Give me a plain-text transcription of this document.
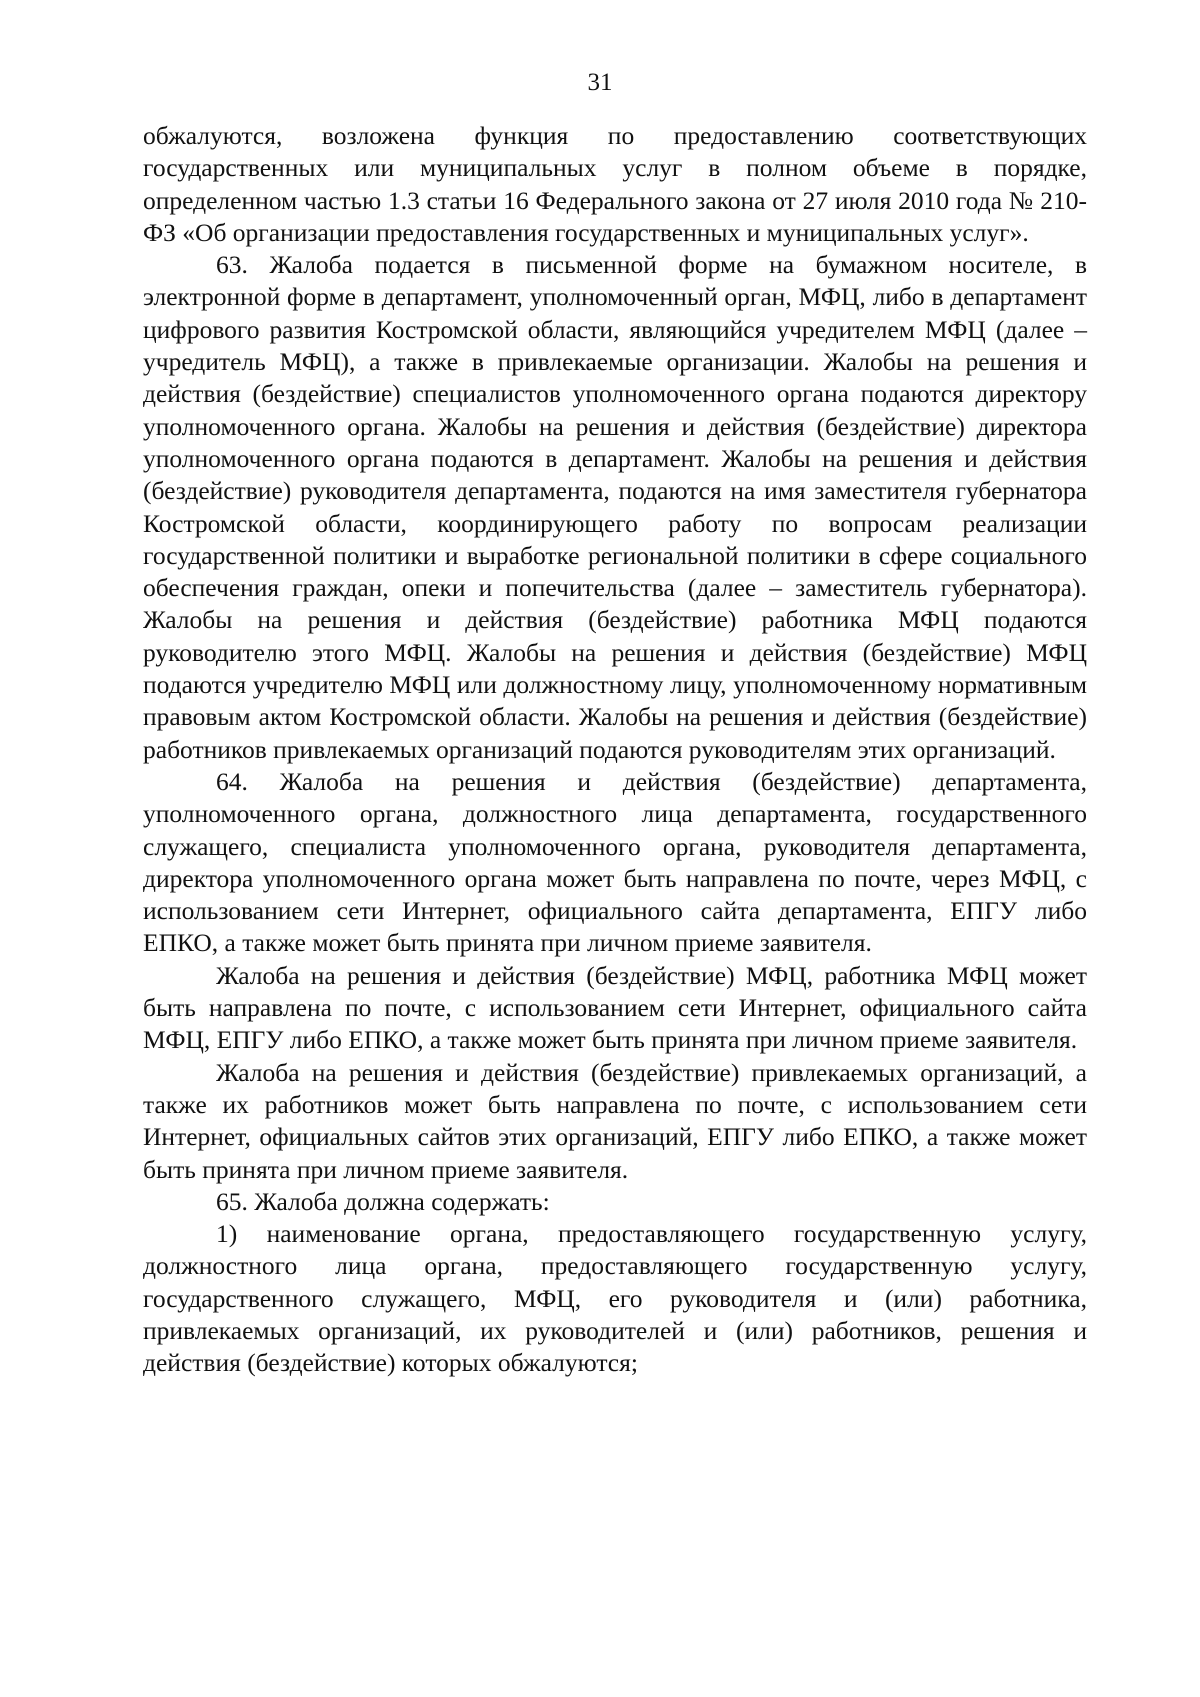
31

обжалуются, возложена функция по предоставлению соответствующих государственных или муниципальных услуг в полном объеме в порядке, определенном частью 1.3 статьи 16 Федерального закона от 27 июля 2010 года № 210-ФЗ «Об организации предоставления государственных и муниципальных услуг».

63. Жалоба подается в письменной форме на бумажном носителе, в электронной форме в департамент, уполномоченный орган, МФЦ, либо в департамент цифрового развития Костромской области, являющийся учредителем МФЦ (далее – учредитель МФЦ), а также в привлекаемые организации. Жалобы на решения и действия (бездействие) специалистов уполномоченного органа подаются директору уполномоченного органа. Жалобы на решения и действия (бездействие) директора уполномоченного органа подаются в департамент. Жалобы на решения и действия (бездействие) руководителя департамента, подаются на имя заместителя губернатора Костромской области, координирующего работу по вопросам реализации государственной политики и выработке региональной политики в сфере социального обеспечения граждан, опеки и попечительства (далее – заместитель губернатора). Жалобы на решения и действия (бездействие) работника МФЦ подаются руководителю этого МФЦ. Жалобы на решения и действия (бездействие) МФЦ подаются учредителю МФЦ или должностному лицу, уполномоченному нормативным правовым актом Костромской области. Жалобы на решения и действия (бездействие) работников привлекаемых организаций подаются руководителям этих организаций.

64. Жалоба на решения и действия (бездействие) департамента, уполномоченного органа, должностного лица департамента, государственного служащего, специалиста уполномоченного органа, руководителя департамента, директора уполномоченного органа может быть направлена по почте, через МФЦ, с использованием сети Интернет, официального сайта департамента, ЕПГУ либо ЕПКО, а также может быть принята при личном приеме заявителя.

Жалоба на решения и действия (бездействие) МФЦ, работника МФЦ может быть направлена по почте, с использованием сети Интернет, официального сайта МФЦ, ЕПГУ либо ЕПКО, а также может быть принята при личном приеме заявителя.

Жалоба на решения и действия (бездействие) привлекаемых организаций, а также их работников может быть направлена по почте, с использованием сети Интернет, официальных сайтов этих организаций, ЕПГУ либо ЕПКО, а также может быть принята при личном приеме заявителя.

65. Жалоба должна содержать:

1) наименование органа, предоставляющего государственную услугу, должностного лица органа, предоставляющего государственную услугу, государственного служащего, МФЦ, его руководителя и (или) работника, привлекаемых организаций, их руководителей и (или) работников, решения и действия (бездействие) которых обжалуются;
